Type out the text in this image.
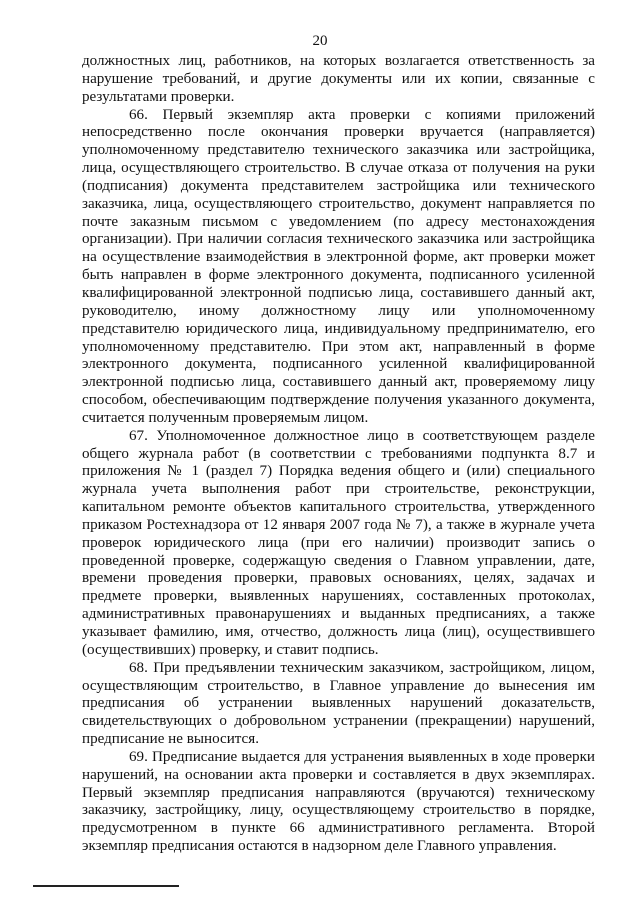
20

должностных лиц, работников, на которых возлагается ответственность за нарушение требований, и другие документы или их копии, связанные с результатами проверки.

66. Первый экземпляр акта проверки с копиями приложений непосредственно после окончания проверки вручается (направляется) уполномоченному представителю технического заказчика или застройщика, лица, осуществляющего строительство. В случае отказа от получения на руки (подписания) документа представителем застройщика или технического заказчика, лица, осуществляющего строительство, документ направляется по почте заказным письмом с уведомлением (по адресу местонахождения организации). При наличии согласия технического заказчика или застройщика на осуществление взаимодействия в электронной форме, акт проверки может быть направлен в форме электронного документа, подписанного усиленной квалифицированной электронной подписью лица, составившего данный акт, руководителю, иному должностному лицу или уполномоченному представителю юридического лица, индивидуальному предпринимателю, его уполномоченному представителю. При этом акт, направленный в форме электронного документа, подписанного усиленной квалифицированной электронной подписью лица, составившего данный акт, проверяемому лицу способом, обеспечивающим подтверждение получения указанного документа, считается полученным проверяемым лицом.

67. Уполномоченное должностное лицо в соответствующем разделе общего журнала работ (в соответствии с требованиями подпункта 8.7 и приложения № 1 (раздел 7) Порядка ведения общего и (или) специального журнала учета выполнения работ при строительстве, реконструкции, капитальном ремонте объектов капитального строительства, утвержденного приказом Ростехнадзора от 12 января 2007 года № 7), а также в журнале учета проверок юридического лица (при его наличии) производит запись о проведенной проверке, содержащую сведения о Главном управлении, дате, времени проведения проверки, правовых основаниях, целях, задачах и предмете проверки, выявленных нарушениях, составленных протоколах, административных правонарушениях и выданных предписаниях, а также указывает фамилию, имя, отчество, должность лица (лиц), осуществившего (осуществивших) проверку, и ставит подпись.

68. При предъявлении техническим заказчиком, застройщиком, лицом, осуществляющим строительство, в Главное управление до вынесения им предписания об устранении выявленных нарушений доказательств, свидетельствующих о добровольном устранении (прекращении) нарушений, предписание не выносится.

69. Предписание выдается для устранения выявленных в ходе проверки нарушений, на основании акта проверки и составляется в двух экземплярах. Первый экземпляр предписания направляются (вручаются) техническому заказчику, застройщику, лицу, осуществляющему строительство в порядке, предусмотренном в пункте 66 административного регламента. Второй экземпляр предписания остаются в надзорном деле Главного управления.
